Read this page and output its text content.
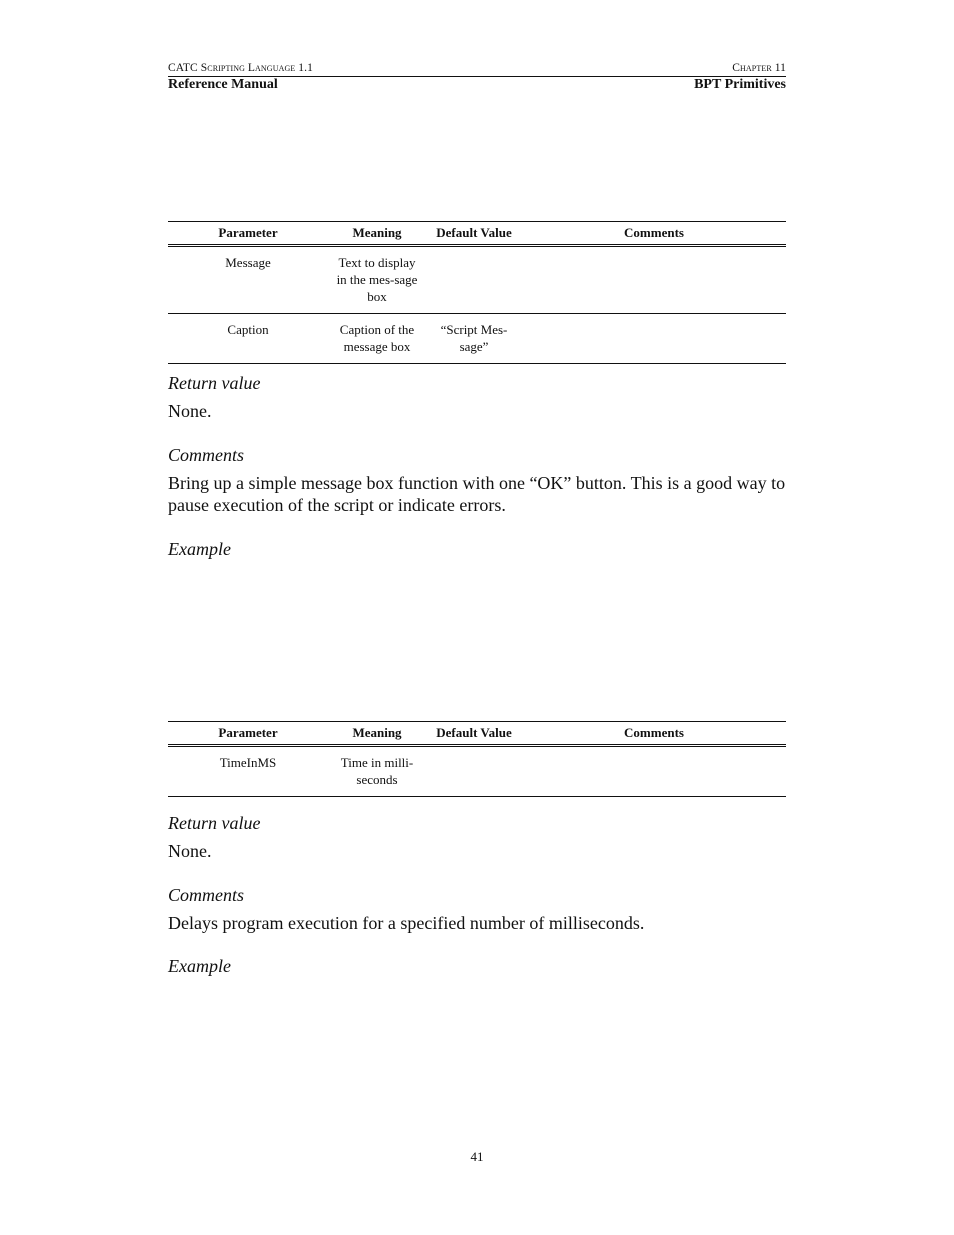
CATC Scripting Language 1.1	Chapter 11
Reference Manual	BPT Primitives
Parameter	Meaning	Default Value	Comments
Message	Text to display in the mes-sage box		
Caption	Caption of the message box	“Script Mes-sage”	
Return value
None.
Comments
Bring up a simple message box function with one “OK” button. This is a good way to pause execution of the script or indicate errors.
Example
Parameter	Meaning	Default Value	Comments
TimeInMS	Time in milli-seconds		
Return value
None.
Comments
Delays program execution for a specified number of milliseconds.
Example
41
